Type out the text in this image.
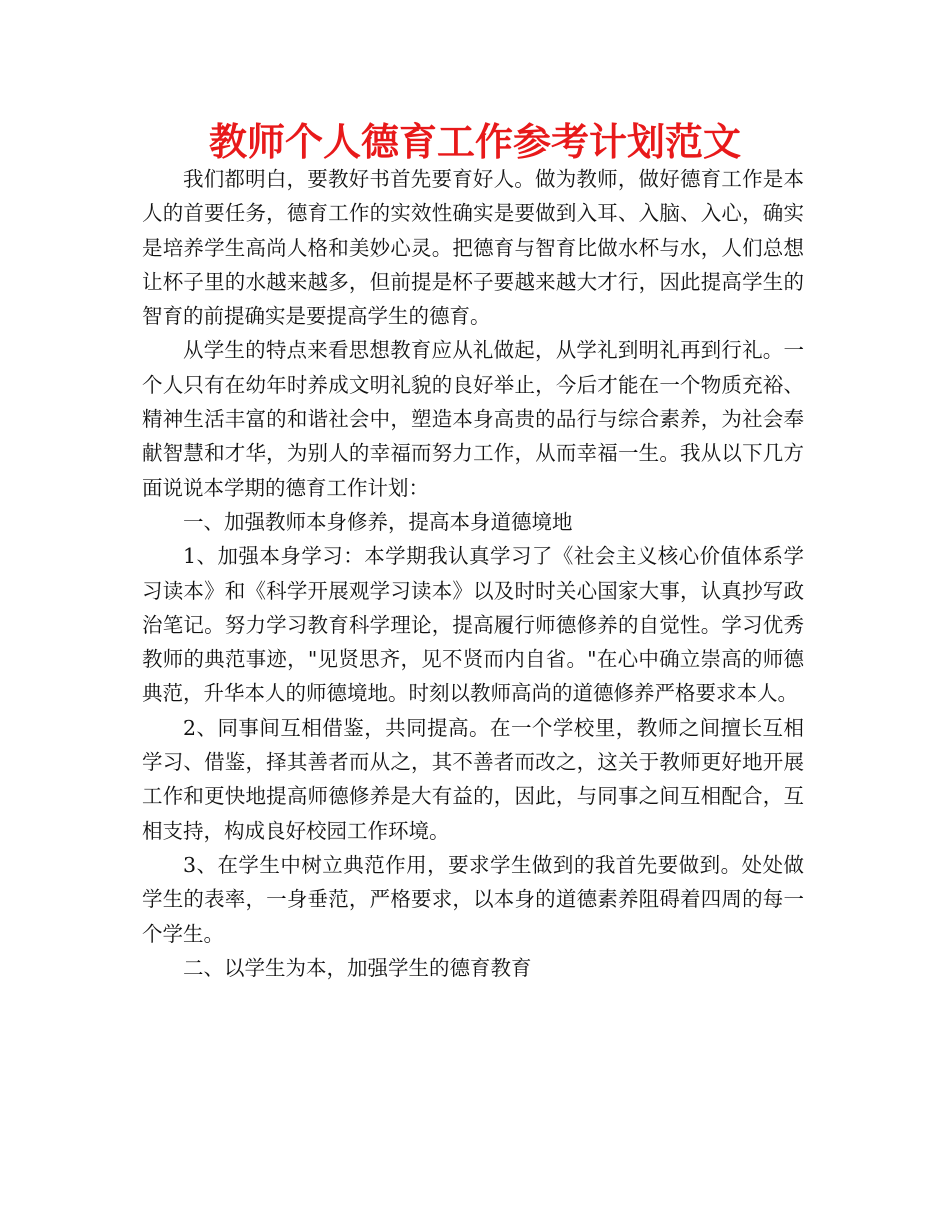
教师个人德育工作参考计划范文

我们都明白，要教好书首先要育好人。做为教师，做好德育工作是本人的首要任务，德育工作的实效性确实是要做到入耳、入脑、入心，确实是培养学生高尚人格和美妙心灵。把德育与智育比做水杯与水，人们总想让杯子里的水越来越多，但前提是杯子要越来越大才行，因此提高学生的智育的前提确实是要提高学生的德育。

从学生的特点来看思想教育应从礼做起，从学礼到明礼再到行礼。一个人只有在幼年时养成文明礼貌的良好举止，今后才能在一个物质充裕、精神生活丰富的和谐社会中，塑造本身高贵的品行与综合素养，为社会奉献智慧和才华，为别人的幸福而努力工作，从而幸福一生。我从以下几方面说说本学期的德育工作计划：

一、加强教师本身修养，提高本身道德境地

1、加强本身学习：本学期我认真学习了《社会主义核心价值体系学习读本》和《科学开展观学习读本》以及时时关心国家大事，认真抄写政治笔记。努力学习教育科学理论，提高履行师德修养的自觉性。学习优秀教师的典范事迹，"见贤思齐，见不贤而内自省。"在心中确立崇高的师德典范，升华本人的师德境地。时刻以教师高尚的道德修养严格要求本人。

2、同事间互相借鉴，共同提高。在一个学校里，教师之间擅长互相学习、借鉴，择其善者而从之，其不善者而改之，这关于教师更好地开展工作和更快地提高师德修养是大有益的，因此，与同事之间互相配合，互相支持，构成良好校园工作环境。

3、在学生中树立典范作用，要求学生做到的我首先要做到。处处做学生的表率，一身垂范，严格要求，以本身的道德素养阻碍着四周的每一个学生。

二、以学生为本，加强学生的德育教育
